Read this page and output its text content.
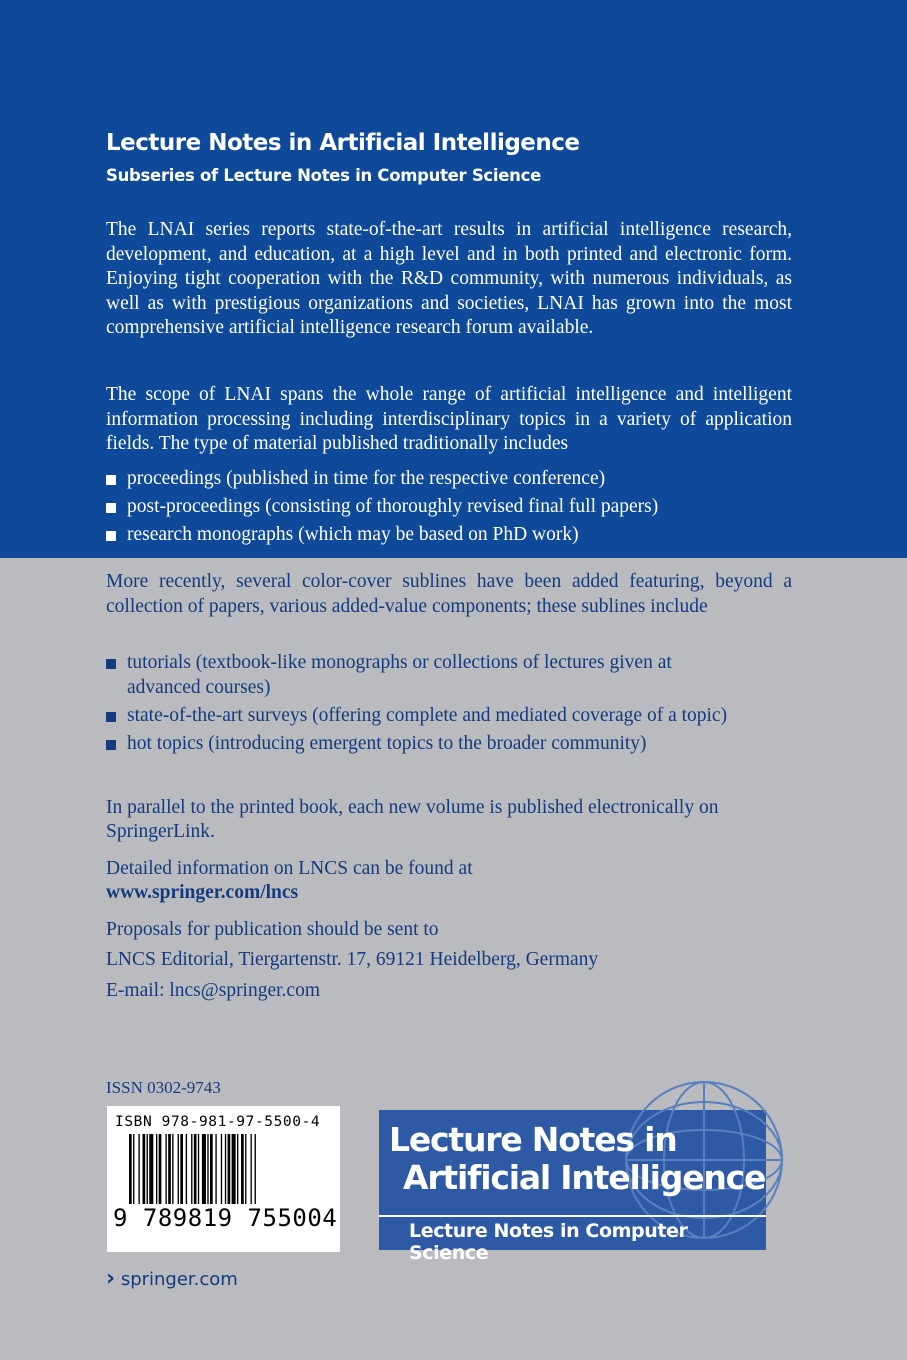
Lecture Notes in Artificial Intelligence
Subseries of Lecture Notes in Computer Science
The LNAI series reports state-of-the-art results in artificial intelligence research, development, and education, at a high level and in both printed and electronic form. Enjoying tight cooperation with the R&D community, with numerous individuals, as well as with prestigious organizations and societies, LNAI has grown into the most comprehensive artificial intelligence research forum available.
The scope of LNAI spans the whole range of artificial intelligence and intelligent information processing including interdisciplinary topics in a variety of application fields. The type of material published traditionally includes
proceedings (published in time for the respective conference)
post-proceedings (consisting of thoroughly revised final full papers)
research monographs (which may be based on PhD work)
More recently, several color-cover sublines have been added featuring, beyond a collection of papers, various added-value components; these sublines include
tutorials (textbook-like monographs or collections of lectures given at advanced courses)
state-of-the-art surveys (offering complete and mediated coverage of a topic)
hot topics (introducing emergent topics to the broader community)
In parallel to the printed book, each new volume is published electronically on SpringerLink.
Detailed information on LNCS can be found at
www.springer.com/lncs
Proposals for publication should be sent to
LNCS Editorial, Tiergartenstr. 17, 69121 Heidelberg, Germany
E-mail: lncs@springer.com
ISSN 0302-9743
ISBN 978-981-97-5500-4
9 789819 755004
Lecture Notes in
Artificial Intelligence
Lecture Notes in Computer Science
› springer.com
